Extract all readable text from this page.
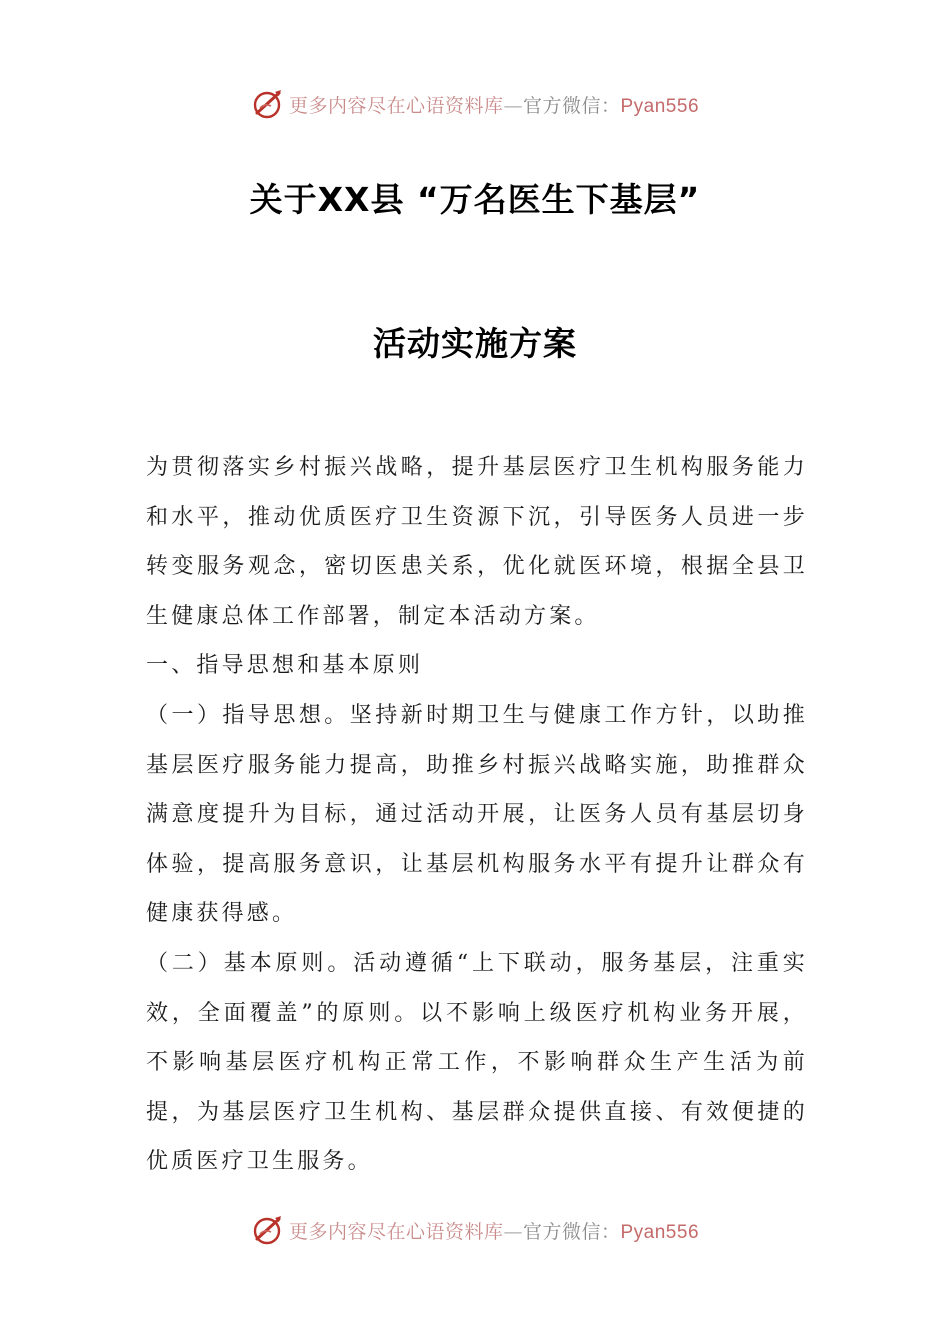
更多内容尽在心语资料库—官方微信：Pyan556
关于XX县 “万名医生下基层”
活动实施方案

为贯彻落实乡村振兴战略，提升基层医疗卫生机构服务能力和水平，推动优质医疗卫生资源下沉，引导医务人员进一步转变服务观念，密切医患关系，优化就医环境，根据全县卫生健康总体工作部署，制定本活动方案。

一、指导思想和基本原则

（一）指导思想。坚持新时期卫生与健康工作方针，以助推基层医疗服务能力提高，助推乡村振兴战略实施，助推群众满意度提升为目标，通过活动开展，让医务人员有基层切身体验，提高服务意识，让基层机构服务水平有提升让群众有健康获得感。

（二）基本原则。活动遵循“上下联动，服务基层，注重实效，全面覆盖”的原则。以不影响上级医疗机构业务开展，不影响基层医疗机构正常工作，不影响群众生产生活为前提，为基层医疗卫生机构、基层群众提供直接、有效便捷的优质医疗卫生服务。

更多内容尽在心语资料库—官方微信：Pyan556
